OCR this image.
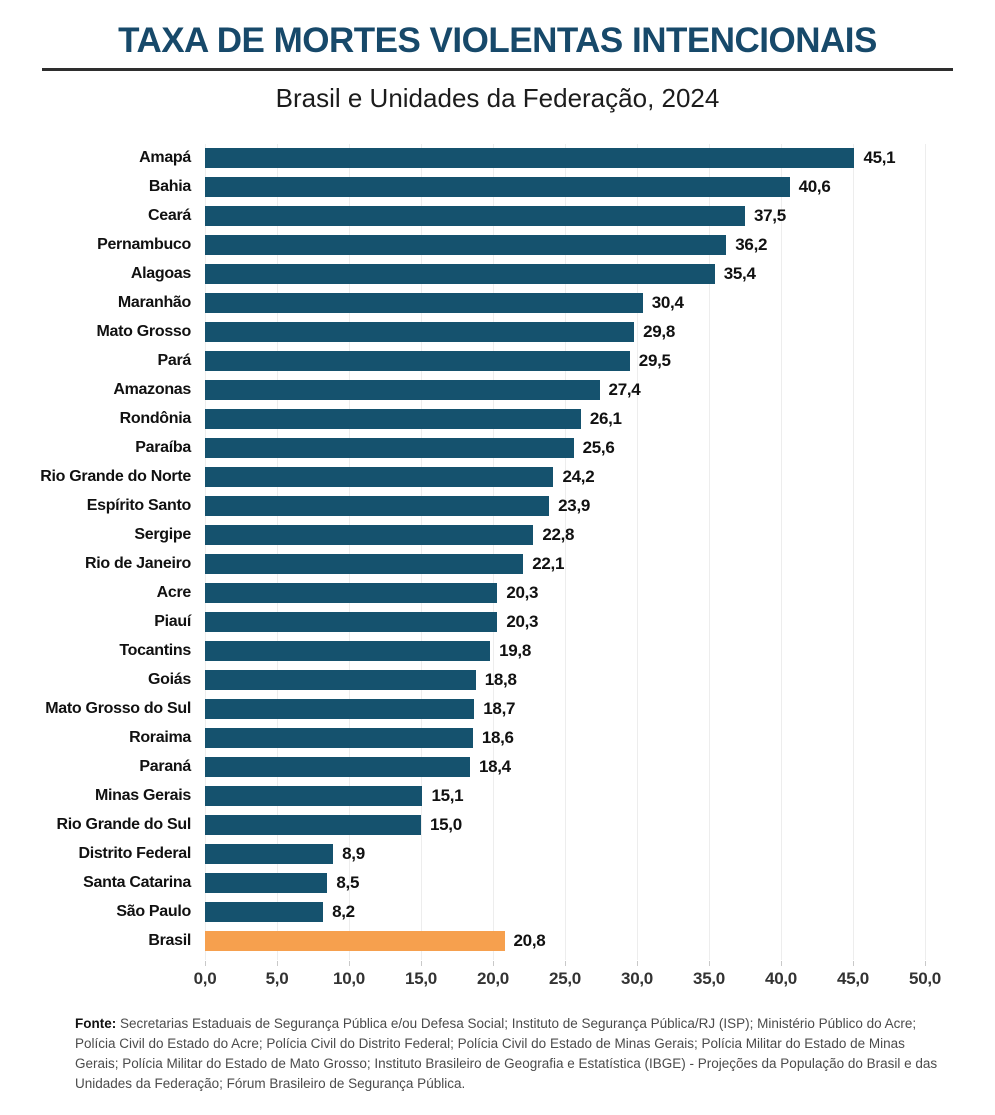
TAXA DE MORTES VIOLENTAS INTENCIONAIS
Brasil e Unidades da Federação, 2024
Amapá	45,1
Bahia	40,6
Ceará	37,5
Pernambuco	36,2
Alagoas	35,4
Maranhão	30,4
Mato Grosso	29,8
Pará	29,5
Amazonas	27,4
Rondônia	26,1
Paraíba	25,6
Rio Grande do Norte	24,2
Espírito Santo	23,9
Sergipe	22,8
Rio de Janeiro	22,1
Acre	20,3
Piauí	20,3
Tocantins	19,8
Goiás	18,8
Mato Grosso do Sul	18,7
Roraima	18,6
Paraná	18,4
Minas Gerais	15,1
Rio Grande do Sul	15,0
Distrito Federal	8,9
Santa Catarina	8,5
São Paulo	8,2
Brasil	20,8
0,0	5,0	10,0 15,0 20,0 25,0 30,0 35,0 40,0 45,0 50,0
Fonte: Secretarias Estaduais de Segurança Pública e/ou Defesa Social; Instituto de Segurança Pública/RJ (ISP); Ministério Público do Acre; Polícia Civil do Estado do Acre; Polícia Civil do Distrito Federal; Polícia Civil do Estado de Minas Gerais; Polícia Militar do Estado de Minas Gerais; Polícia Militar do Estado de Mato Grosso; Instituto Brasileiro de Geografia e Estatística (IBGE) - Projeções da População do Brasil e das Unidades da Federação; Fórum Brasileiro de Segurança Pública.
